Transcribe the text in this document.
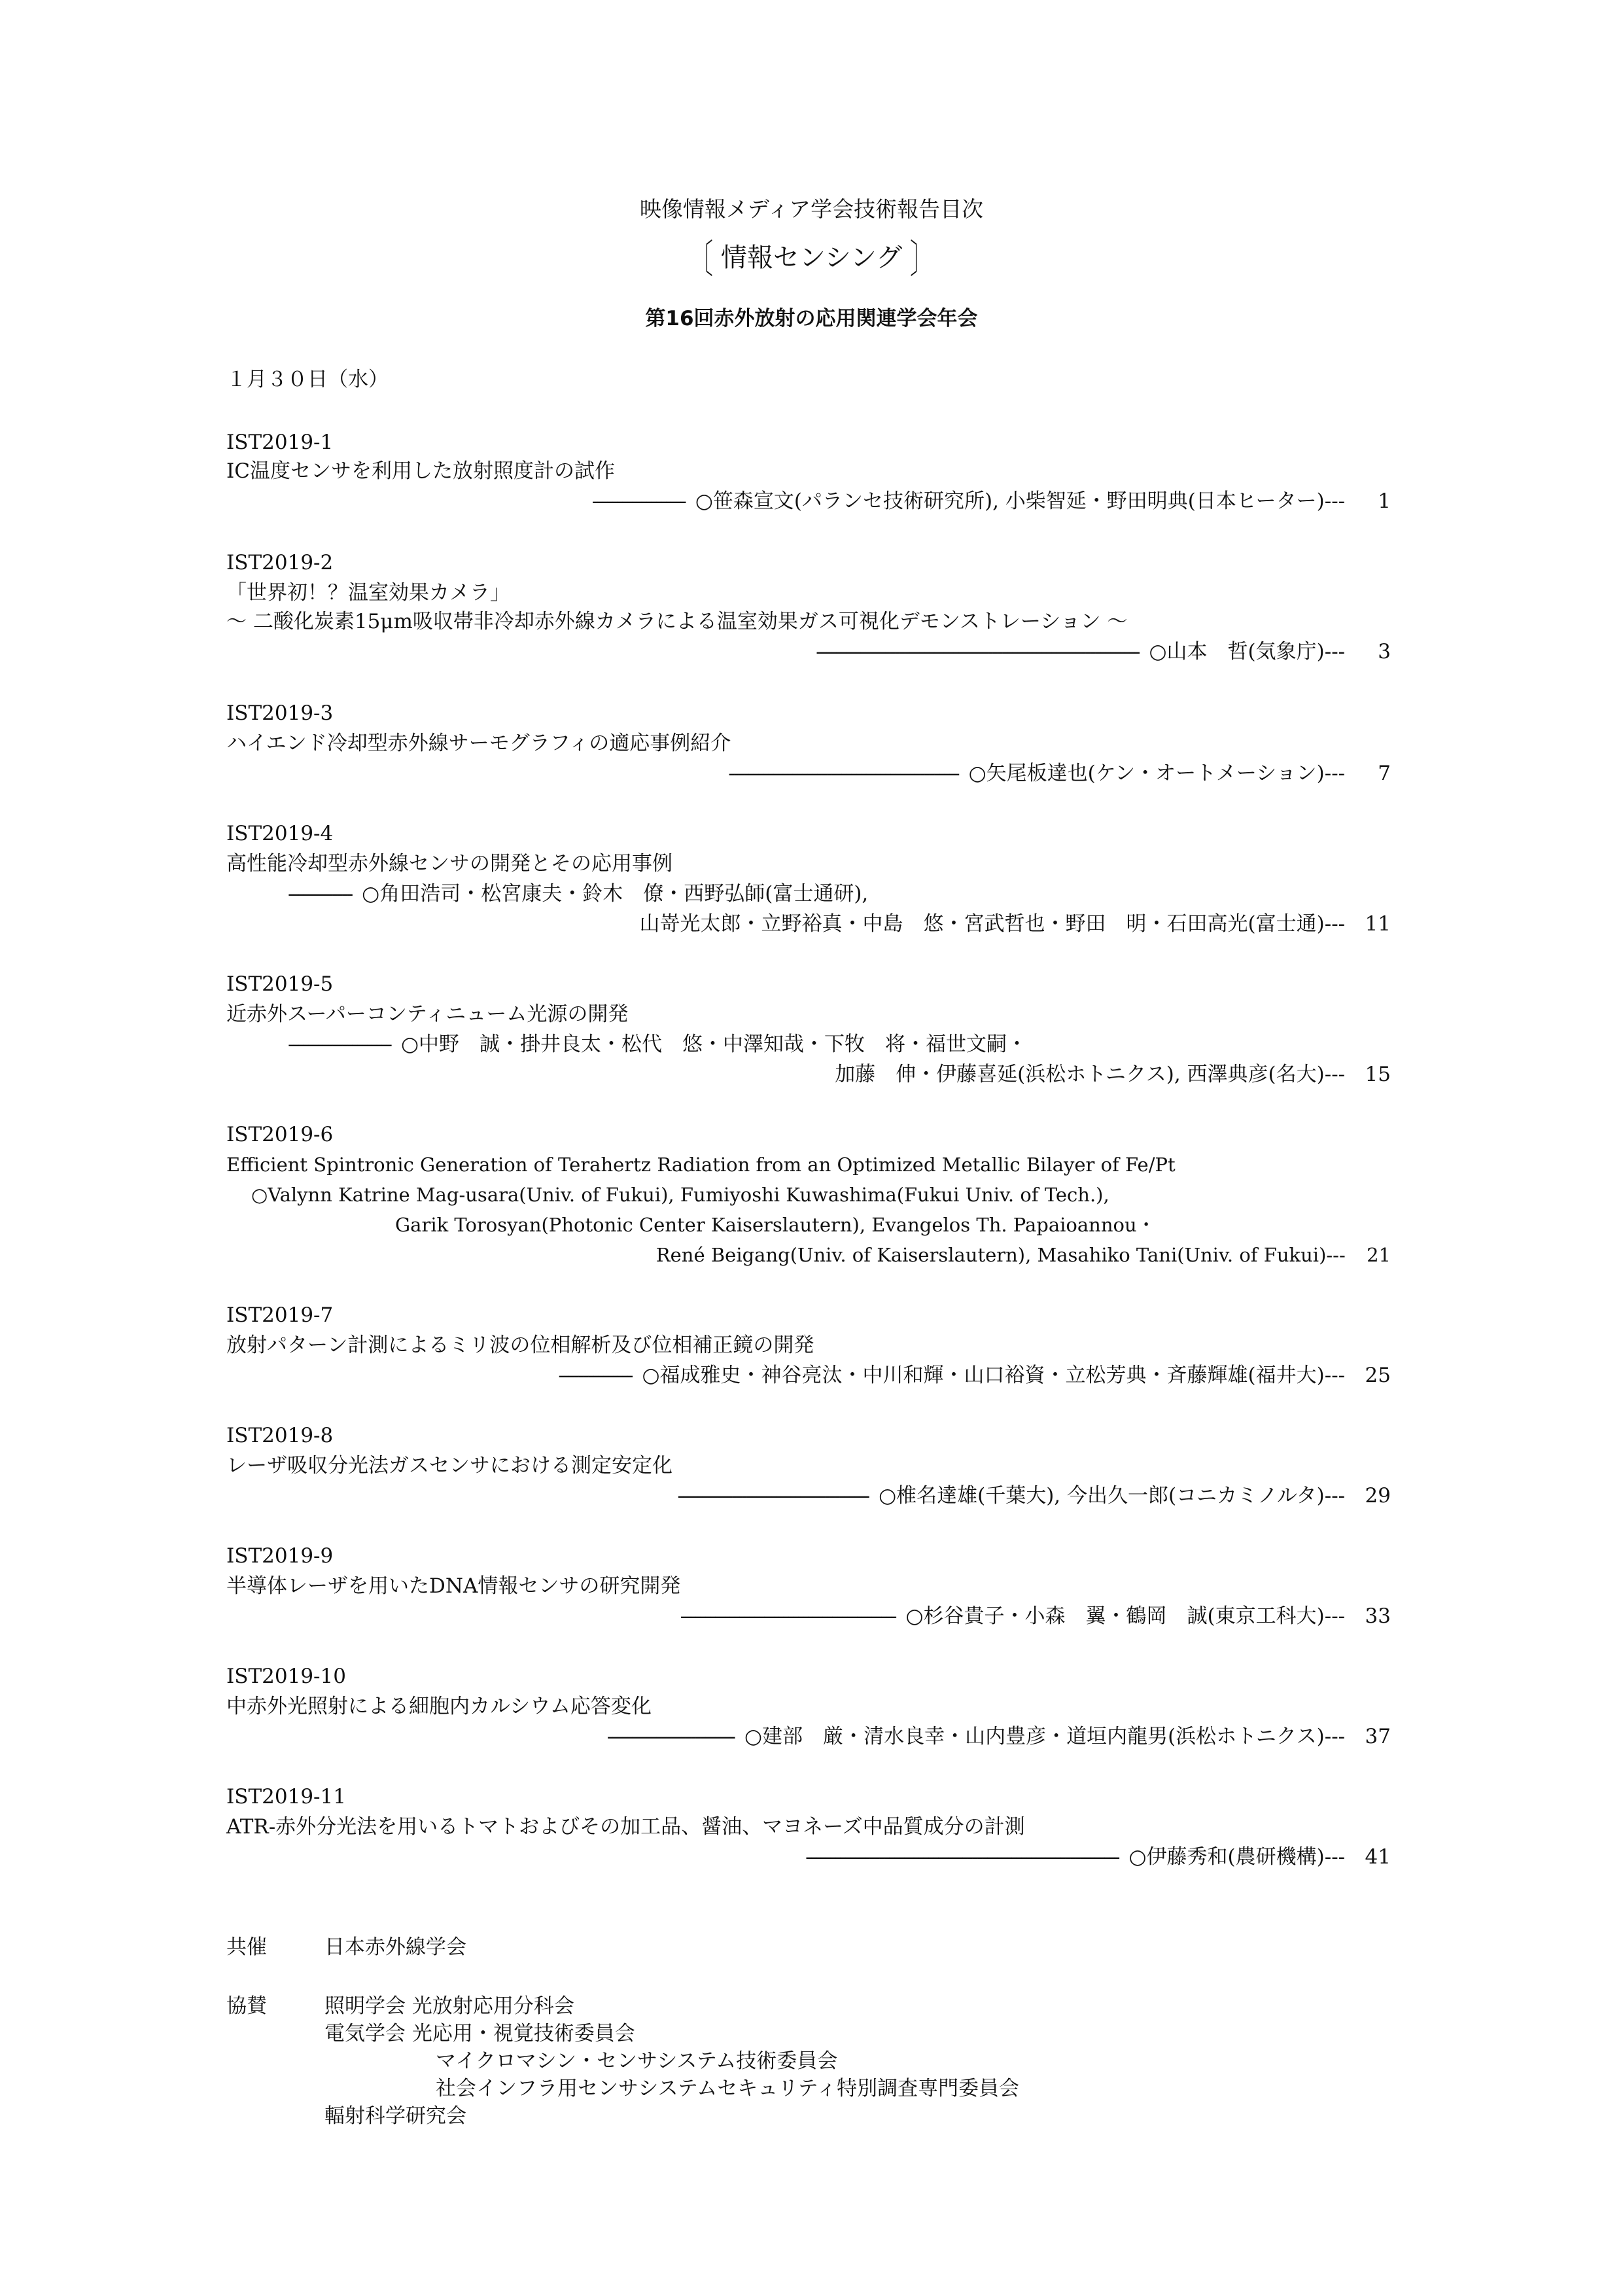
映像情報メディア学会技術報告目次
〔 情報センシング 〕
第16回赤外放射の応用関連学会年会
１月３０日（水）
IST2019-1
IC温度センサを利用した放射照度計の試作
------------------- ○笹森宣文(パランセ技術研究所), 小柴智延・野田明典(日本ヒーター)---	1
IST2019-2
「世界初！？温室効果カメラ」
～ 二酸化炭素15μm吸収帯非冷却赤外線カメラによる温室効果ガス可視化デモンストレーション ～
------------------------------------------------------------------ ○山本　哲(気象庁)---	3
IST2019-3
ハイエンド冷却型赤外線サーモグラフィの適応事例紹介
----------------------------------------------- ○矢尾板達也(ケン・オートメーション)---	7
IST2019-4
高性能冷却型赤外線センサの開発とその応用事例
------------- ○角田浩司・松宮康夫・鈴木　僚・西野弘師(富士通研),
山嵜光太郎・立野裕真・中島　悠・宮武哲也・野田　明・石田高光(富士通)--- 11
IST2019-5
近赤外スーパーコンティニューム光源の開発
--------------------- ○中野　誠・掛井良太・松代　悠・中澤知哉・下牧　将・福世文嗣・
加藤　伸・伊藤喜延(浜松ホトニクス), 西澤典彦(名大)--- 15
IST2019-6
Efficient Spintronic Generation of Terahertz Radiation from an Optimized Metallic Bilayer of Fe/Pt
○Valynn Katrine Mag-usara(Univ. of Fukui), Fumiyoshi Kuwashima(Fukui Univ. of Tech.),
Garik Torosyan(Photonic Center Kaiserslautern), Evangelos Th. Papaioannou・
René Beigang(Univ. of Kaiserslautern), Masahiko Tani(Univ. of Fukui)--- 21
IST2019-7
放射パターン計測によるミリ波の位相解析及び位相補正鏡の開発
--------------- ○福成雅史・神谷亮汰・中川和輝・山口裕資・立松芳典・斉藤輝雄(福井大)--- 25
IST2019-8
レーザ吸収分光法ガスセンサにおける測定安定化
--------------------------------------- ○椎名達雄(千葉大), 今出久一郎(コニカミノルタ)--- 29
IST2019-9
半導体レーザを用いたDNA情報センサの研究開発
-------------------------------------------- ○杉谷貴子・小森　翼・鶴岡　誠(東京工科大)--- 33
IST2019-10
中赤外光照射による細胞内カルシウム応答変化
-------------------------- ○建部　厳・清水良幸・山内豊彦・道垣内龍男(浜松ホトニクス)--- 37
IST2019-11
ATR-赤外分光法を用いるトマトおよびその加工品、醤油、マヨネーズ中品質成分の計測
---------------------------------------------------------------- ○伊藤秀和(農研機構)--- 41
共催	日本赤外線学会
協賛	照明学会 光放射応用分科会
電気学会 光応用・視覚技術委員会
マイクロマシン・センサシステム技術委員会
社会インフラ用センサシステムセキュリティ特別調査専門委員会
輻射科学研究会
